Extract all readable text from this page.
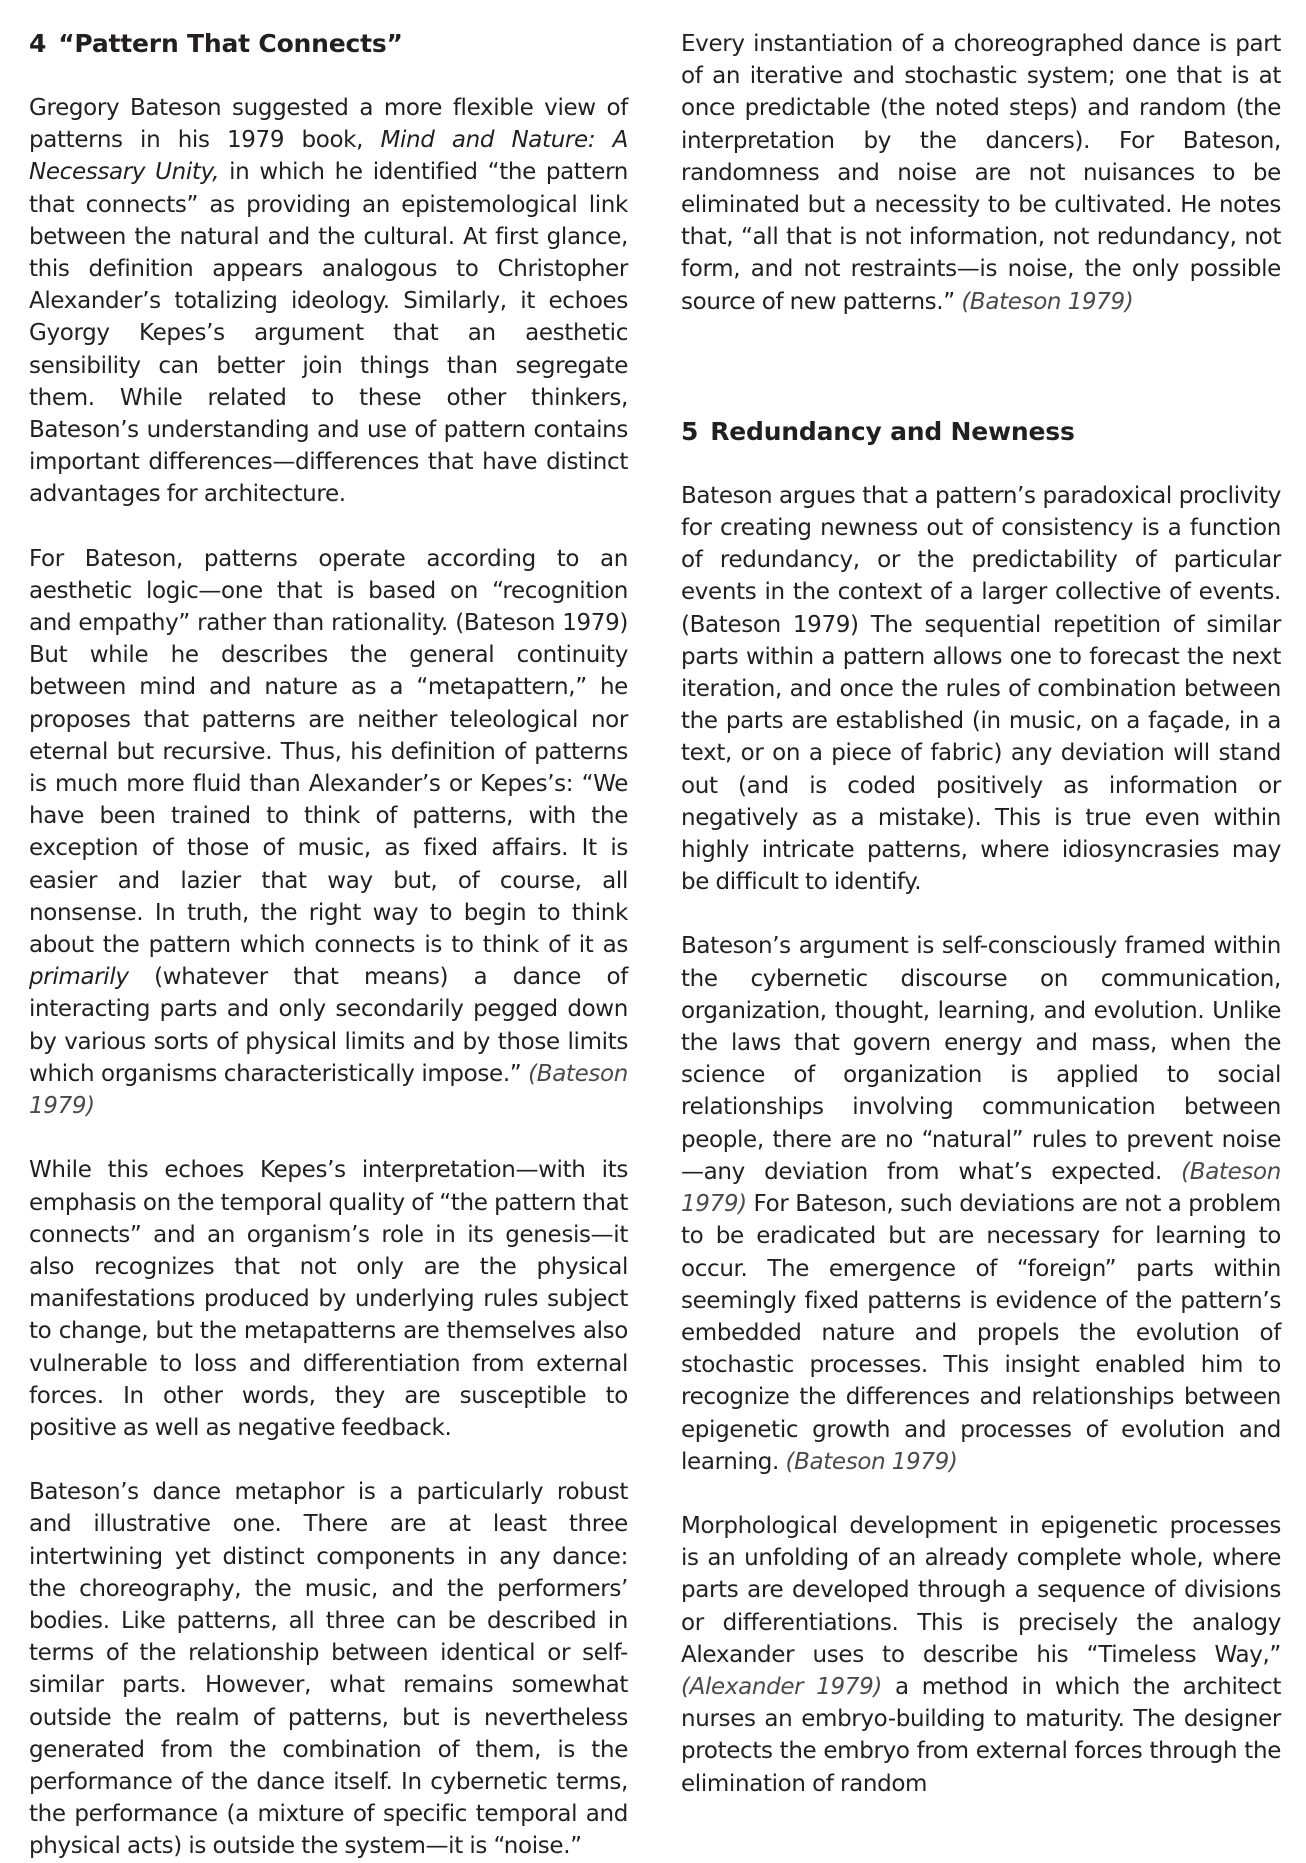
4 “Pattern That Connects”

Gregory Bateson suggested a more flexible view of patterns in his 1979 book, Mind and Nature: A Necessary Unity, in which he identified “the pattern that connects” as providing an epistemological link between the natural and the cultural. At first glance, this definition appears analogous to Christopher Alexander’s totalizing ideology. Similarly, it echoes Gyorgy Kepes’s argument that an aesthetic sensibility can better join things than segregate them. While related to these other thinkers, Bateson’s understanding and use of pattern contains important differences—differences that have distinct advantages for architecture.

For Bateson, patterns operate according to an aesthetic logic—one that is based on “recognition and empathy” rather than rationality. (Bateson 1979) But while he describes the general continuity between mind and nature as a “metapattern,” he proposes that patterns are neither teleological nor eternal but recursive. Thus, his definition of patterns is much more fluid than Alexander’s or Kepes’s: “We have been trained to think of patterns, with the exception of those of music, as fixed affairs. It is easier and lazier that way but, of course, all nonsense. In truth, the right way to begin to think about the pattern which connects is to think of it as primarily (whatever that means) a dance of interacting parts and only secondarily pegged down by various sorts of physical limits and by those limits which organisms characteristically impose.” (Bateson 1979)

While this echoes Kepes’s interpretation—with its emphasis on the temporal quality of “the pattern that connects” and an organism’s role in its genesis—it also recognizes that not only are the physical manifestations produced by underlying rules subject to change, but the metapatterns are themselves also vulnerable to loss and differentiation from external forces. In other words, they are susceptible to positive as well as negative feedback.

Bateson’s dance metaphor is a particularly robust and illustrative one. There are at least three intertwining yet distinct components in any dance: the choreography, the music, and the performers’ bodies. Like patterns, all three can be described in terms of the relationship between identical or self-similar parts. However, what remains somewhat outside the realm of patterns, but is nevertheless generated from the combination of them, is the performance of the dance itself. In cybernetic terms, the performance (a mixture of specific temporal and physical acts) is outside the system—it is “noise.”

Every instantiation of a choreographed dance is part of an iterative and stochastic system; one that is at once predictable (the noted steps) and random (the interpretation by the dancers). For Bateson, randomness and noise are not nuisances to be eliminated but a necessity to be cultivated. He notes that, “all that is not information, not redundancy, not form, and not restraints—is noise, the only possible source of new patterns.” (Bateson 1979)

5 Redundancy and Newness

Bateson argues that a pattern’s paradoxical proclivity for creating newness out of consistency is a function of redundancy, or the predictability of particular events in the context of a larger collective of events. (Bateson 1979) The sequential repetition of similar parts within a pattern allows one to forecast the next iteration, and once the rules of combination between the parts are established (in music, on a façade, in a text, or on a piece of fabric) any deviation will stand out (and is coded positively as information or negatively as a mistake). This is true even within highly intricate patterns, where idiosyncrasies may be difficult to identify.

Bateson’s argument is self-consciously framed within the cybernetic discourse on communication, organization, thought, learning, and evolution. Unlike the laws that govern energy and mass, when the science of organization is applied to social relationships involving communication between people, there are no “natural” rules to prevent noise—any deviation from what’s expected. (Bateson 1979) For Bateson, such deviations are not a problem to be eradicated but are necessary for learning to occur. The emergence of “foreign” parts within seemingly fixed patterns is evidence of the pattern’s embedded nature and propels the evolution of stochastic processes. This insight enabled him to recognize the differences and relationships between epigenetic growth and processes of evolution and learning. (Bateson 1979)

Morphological development in epigenetic processes is an unfolding of an already complete whole, where parts are developed through a sequence of divisions or differentiations. This is precisely the analogy Alexander uses to describe his “Timeless Way,” (Alexander 1979) a method in which the architect nurses an embryo-building to maturity. The designer protects the embryo from external forces through the elimination of random
